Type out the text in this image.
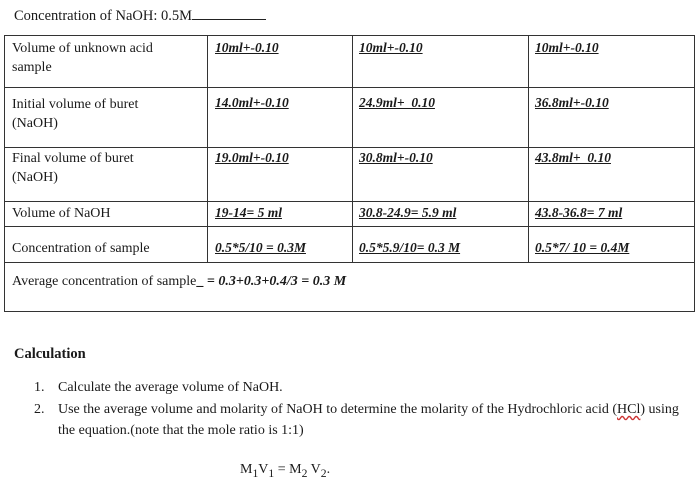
Concentration of NaOH: 0.5M
Volume of unknown acid
sample
10ml+-0.10	10ml+-0.10	10ml+-0.10
Initial volume of buret
(NaOH)
14.0ml+-0.10	24.9ml+_0.10	36.8ml+-0.10
Final volume of buret
(NaOH)
19.0ml+-0.10	30.8ml+-0.10	43.8ml+_0.10
Volume of NaOH	19-14= 5 ml	30.8-24.9= 5.9 ml	43.8-36.8= 7 ml
Concentration of sample	0.5*5/10 = 0.3M	0.5*5.9/10= 0.3 M	0.5*7/ 10 = 0.4M
Average concentration of sample_ = 0.3+0.3+0.4/3 = 0.3 M
Calculation
1. Calculate the average volume of NaOH.
2. Use the average volume and molarity of NaOH to determine the molarity of the Hydrochloric acid (HCl) using the equation.(note that the mole ratio is 1:1)
$M_1V_1 = M_2$ $V_2$.
